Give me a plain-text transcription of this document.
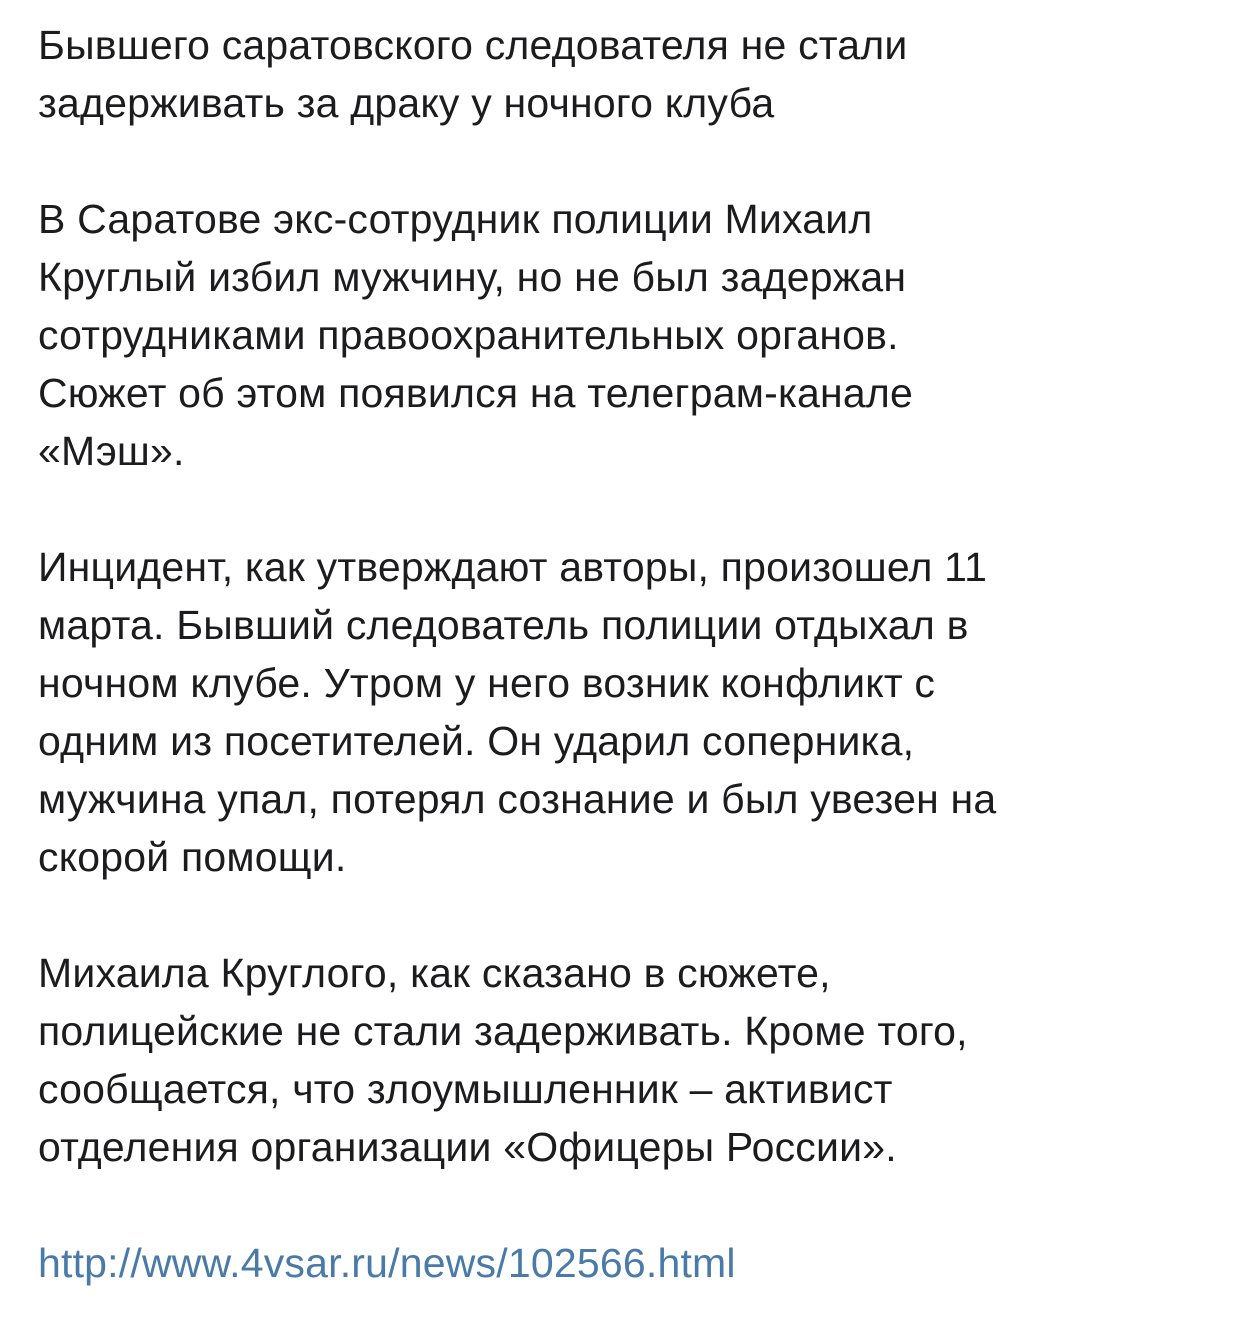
Бывшего саратовского следователя не стали
задерживать за драку у ночного клуба

В Саратове экс-сотрудник полиции Михаил
Круглый избил мужчину, но не был задержан
сотрудниками правоохранительных органов.
Сюжет об этом появился на телеграм-канале
«Мэш».

Инцидент, как утверждают авторы, произошел 11
марта. Бывший следователь полиции отдыхал в
ночном клубе. Утром у него возник конфликт с
одним из посетителей. Он ударил соперника,
мужчина упал, потерял сознание и был увезен на
скорой помощи.

Михаила Круглого, как сказано в сюжете,
полицейские не стали задерживать. Кроме того,
сообщается, что злоумышленник – активист
отделения организации «Офицеры России».

http://www.4vsar.ru/news/102566.html
